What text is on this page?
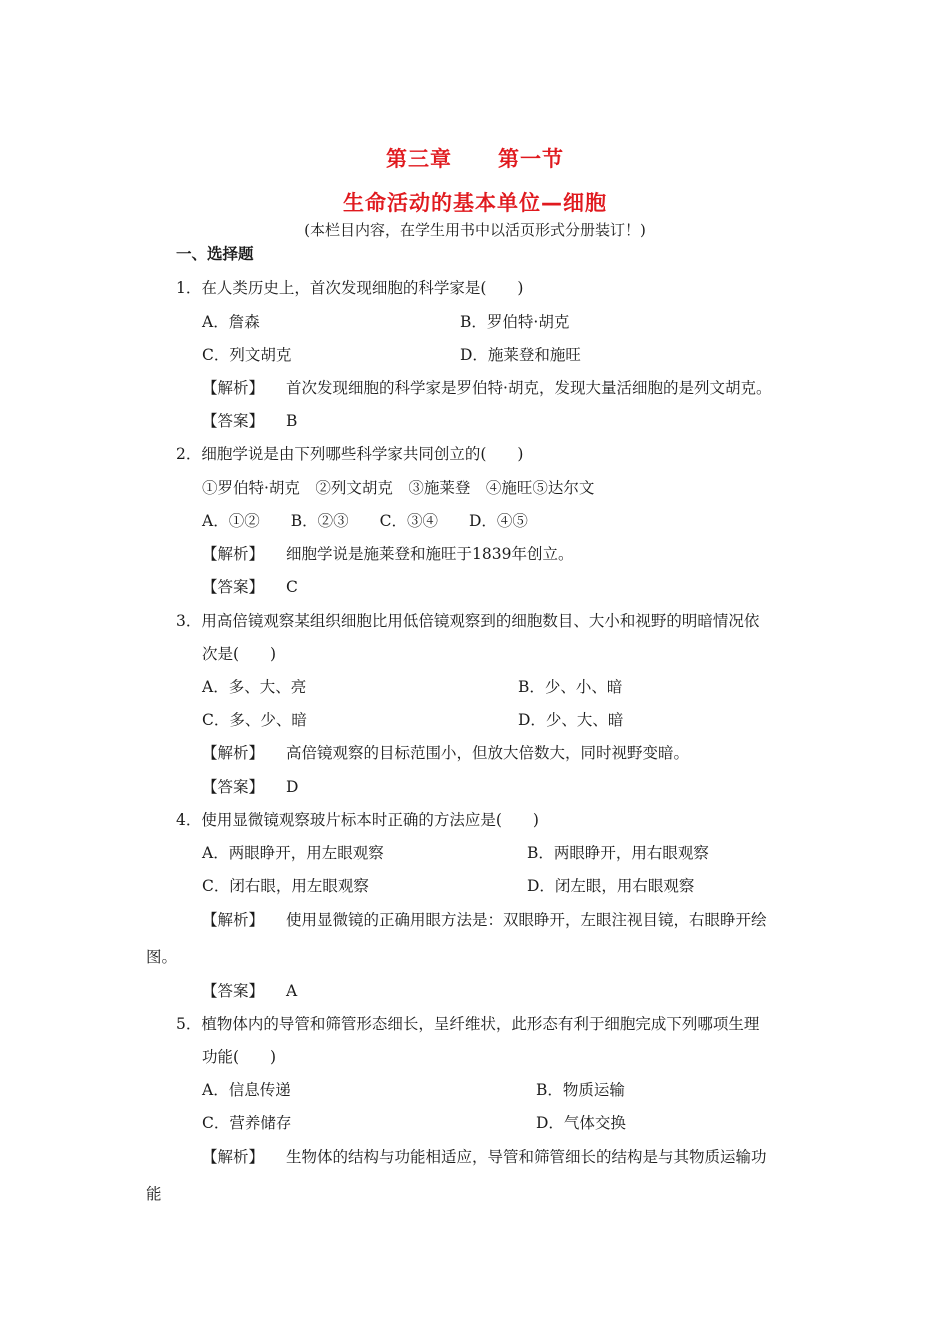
第三章 第一节
生命活动的基本单位—细胞
(本栏目内容，在学生用书中以活页形式分册装订！)
一、选择题
1．在人类历史上，首次发现细胞的科学家是(　　)
A．詹森	B．罗伯特·胡克
C．列文胡克	D．施莱登和施旺
【解析】 首次发现细胞的科学家是罗伯特·胡克，发现大量活细胞的是列文胡克。
【答案】 B
2．细胞学说是由下列哪些科学家共同创立的(　　)
①罗伯特·胡克　②列文胡克　③施莱登　④施旺⑤达尔文
A．①②　　B．②③　　C．③④　　D．④⑤
【解析】 细胞学说是施莱登和施旺于1839年创立。
【答案】 C
3．用高倍镜观察某组织细胞比用低倍镜观察到的细胞数目、大小和视野的明暗情况依
次是(　　)
A．多、大、亮	B．少、小、暗
C．多、少、暗	D．少、大、暗
【解析】 高倍镜观察的目标范围小，但放大倍数大，同时视野变暗。
【答案】 D
4．使用显微镜观察玻片标本时正确的方法应是(　　)
A．两眼睁开，用左眼观察	B．两眼睁开，用右眼观察
C．闭右眼，用左眼观察	D．闭左眼，用右眼观察
【解析】 使用显微镜的正确用眼方法是：双眼睁开，左眼注视目镜，右眼睁开绘
图。
【答案】 A
5．植物体内的导管和筛管形态细长，呈纤维状，此形态有利于细胞完成下列哪项生理
功能(　　)
A．信息传递	B．物质运输
C．营养储存	D．气体交换
【解析】 生物体的结构与功能相适应，导管和筛管细长的结构是与其物质运输功
能
